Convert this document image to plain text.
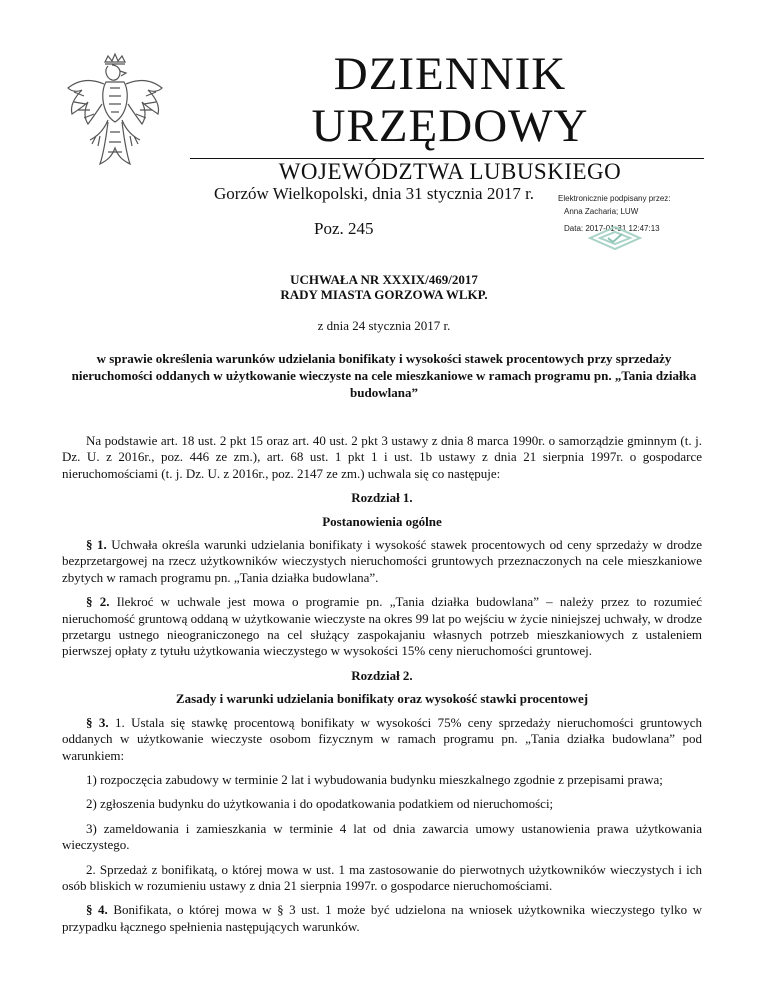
DZIENNIK URZĘDOWY
WOJEWÓDZTWA LUBUSKIEGO
Gorzów Wielkopolski, dnia 31 stycznia 2017 r.
Poz. 245
Elektronicznie podpisany przez:
Anna Zacharia; LUW
Data: 2017-01-31 12:47:13
UCHWAŁA NR XXXIX/469/2017
RADY MIASTA GORZOWA WLKP.
z dnia 24 stycznia 2017 r.
w sprawie określenia warunków udzielania bonifikaty i wysokości stawek procentowych przy sprzedaży nieruchomości oddanych w użytkowanie wieczyste na cele mieszkaniowe w ramach programu pn. „Tania działka budowlana”

Na podstawie art. 18 ust. 2 pkt 15 oraz art. 40 ust. 2 pkt 3 ustawy z dnia 8 marca 1990r. o samorządzie gminnym (t. j. Dz. U. z 2016r., poz. 446 ze zm.), art. 68 ust. 1 pkt 1 i ust. 1b ustawy z dnia 21 sierpnia 1997r. o gospodarce nieruchomościami (t. j. Dz. U. z 2016r., poz. 2147 ze zm.) uchwala się co następuje:

Rozdział 1.

Postanowienia ogólne

§ 1. Uchwała określa warunki udzielania bonifikaty i wysokość stawek procentowych od ceny sprzedaży w drodze bezprzetargowej na rzecz użytkowników wieczystych nieruchomości gruntowych przeznaczonych na cele mieszkaniowe zbytych w ramach programu pn. „Tania działka budowlana”.

§ 2. Ilekroć w uchwale jest mowa o programie pn. „Tania działka budowlana” – należy przez to rozumieć nieruchomość gruntową oddaną w użytkowanie wieczyste na okres 99 lat po wejściu w życie niniejszej uchwały, w drodze przetargu ustnego nieograniczonego na cel służący zaspokajaniu własnych potrzeb mieszkaniowych z ustaleniem pierwszej opłaty z tytułu użytkowania wieczystego w wysokości 15% ceny nieruchomości gruntowej.

Rozdział 2.

Zasady i warunki udzielania bonifikaty oraz wysokość stawki procentowej

§ 3. 1. Ustala się stawkę procentową bonifikaty w wysokości 75% ceny sprzedaży nieruchomości gruntowych oddanych w użytkowanie wieczyste osobom fizycznym w ramach programu pn. „Tania działka budowlana” pod warunkiem:

1) rozpoczęcia zabudowy w terminie 2 lat i wybudowania budynku mieszkalnego zgodnie z przepisami prawa;

2) zgłoszenia budynku do użytkowania i do opodatkowania podatkiem od nieruchomości;

3) zameldowania i zamieszkania w terminie 4 lat od dnia zawarcia umowy ustanowienia prawa użytkowania wieczystego.

2. Sprzedaż z bonifikatą, o której mowa w ust. 1 ma zastosowanie do pierwotnych użytkowników wieczystych i ich osób bliskich w rozumieniu ustawy z dnia 21 sierpnia 1997r. o gospodarce nieruchomościami.

§ 4. Bonifikata, o której mowa w § 3 ust. 1 może być udzielona na wniosek użytkownika wieczystego tylko w przypadku łącznego spełnienia następujących warunków.
